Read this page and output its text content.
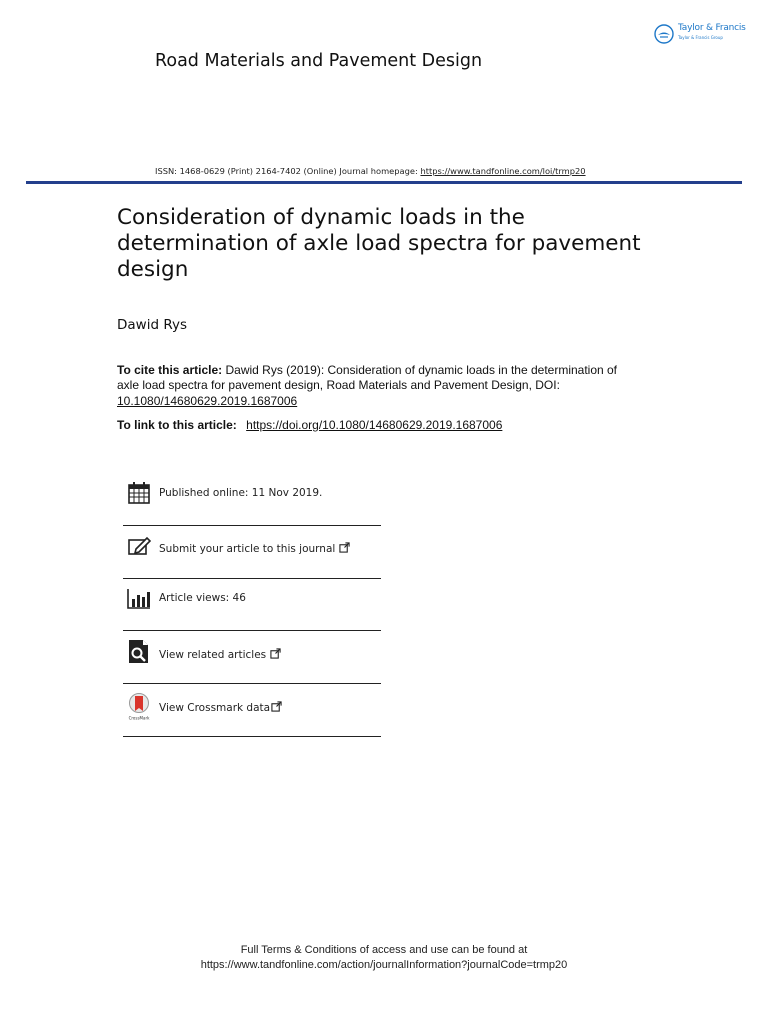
Taylor & Francis
Taylor & Francis Group
Road Materials and Pavement Design
ISSN: 1468-0629 (Print) 2164-7402 (Online) Journal homepage: https://www.tandfonline.com/loi/trmp20
Consideration of dynamic loads in the determination of axle load spectra for pavement design
Dawid Rys
To cite this article: Dawid Rys (2019): Consideration of dynamic loads in the determination of axle load spectra for pavement design, Road Materials and Pavement Design, DOI:
10.1080/14680629.2019.1687006
To link to this article: https://doi.org/10.1080/14680629.2019.1687006
Published online: 11 Nov 2019.
Submit your article to this journal
Article views: 46
View related articles
CrossMark
View Crossmark data
Full Terms & Conditions of access and use can be found at
https://www.tandfonline.com/action/journalInformation?journalCode=trmp20
